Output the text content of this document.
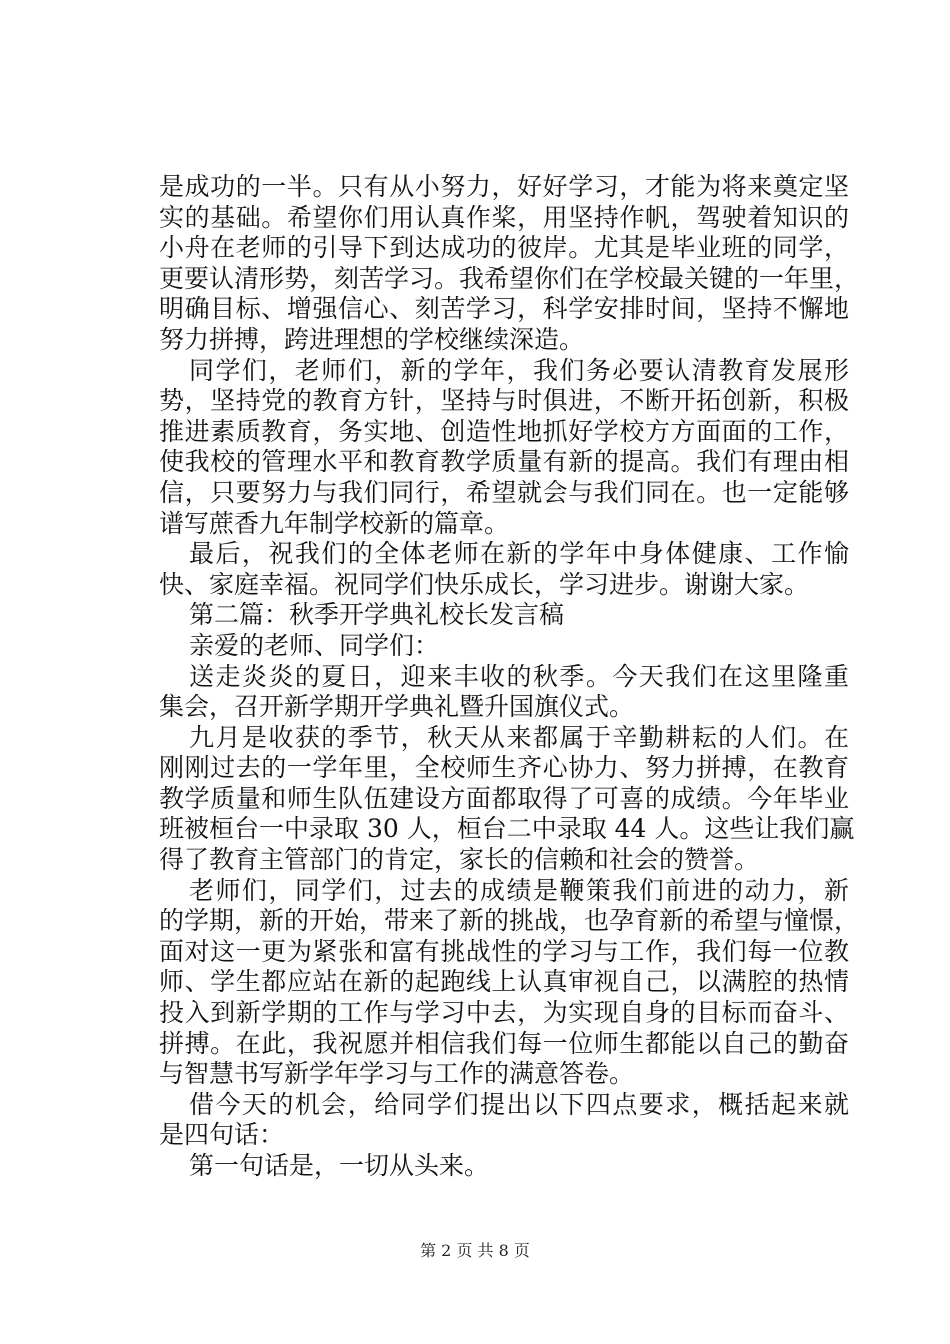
是成功的一半。只有从小努力，好好学习，才能为将来奠定坚
实的基础。希望你们用认真作桨，用坚持作帆，驾驶着知识的
小舟在老师的引导下到达成功的彼岸。尤其是毕业班的同学，
更要认清形势，刻苦学习。我希望你们在学校最关键的一年里，
明确目标、增强信心、刻苦学习，科学安排时间，坚持不懈地
努力拼搏，跨进理想的学校继续深造。
同学们，老师们，新的学年，我们务必要认清教育发展形
势，坚持党的教育方针，坚持与时俱进，不断开拓创新，积极
推进素质教育，务实地、创造性地抓好学校方方面面的工作，
使我校的管理水平和教育教学质量有新的提高。我们有理由相
信，只要努力与我们同行，希望就会与我们同在。也一定能够
谱写蔗香九年制学校新的篇章。
最后，祝我们的全体老师在新的学年中身体健康、工作愉
快、家庭幸福。祝同学们快乐成长，学习进步。谢谢大家。
第二篇：秋季开学典礼校长发言稿
亲爱的老师、同学们：
送走炎炎的夏日，迎来丰收的秋季。今天我们在这里隆重
集会，召开新学期开学典礼暨升国旗仪式。
九月是收获的季节，秋天从来都属于辛勤耕耘的人们。在
刚刚过去的一学年里，全校师生齐心协力、努力拼搏，在教育
教学质量和师生队伍建设方面都取得了可喜的成绩。今年毕业
班被桓台一中录取 30 人，桓台二中录取 44 人。这些让我们赢
得了教育主管部门的肯定，家长的信赖和社会的赞誉。
老师们，同学们，过去的成绩是鞭策我们前进的动力，新
的学期，新的开始，带来了新的挑战，也孕育新的希望与憧憬，
面对这一更为紧张和富有挑战性的学习与工作，我们每一位教
师、学生都应站在新的起跑线上认真审视自己，以满腔的热情
投入到新学期的工作与学习中去，为实现自身的目标而奋斗、
拼搏。在此，我祝愿并相信我们每一位师生都能以自己的勤奋
与智慧书写新学年学习与工作的满意答卷。
借今天的机会，给同学们提出以下四点要求，概括起来就
是四句话：
第一句话是，一切从头来。
第 2 页 共 8 页
